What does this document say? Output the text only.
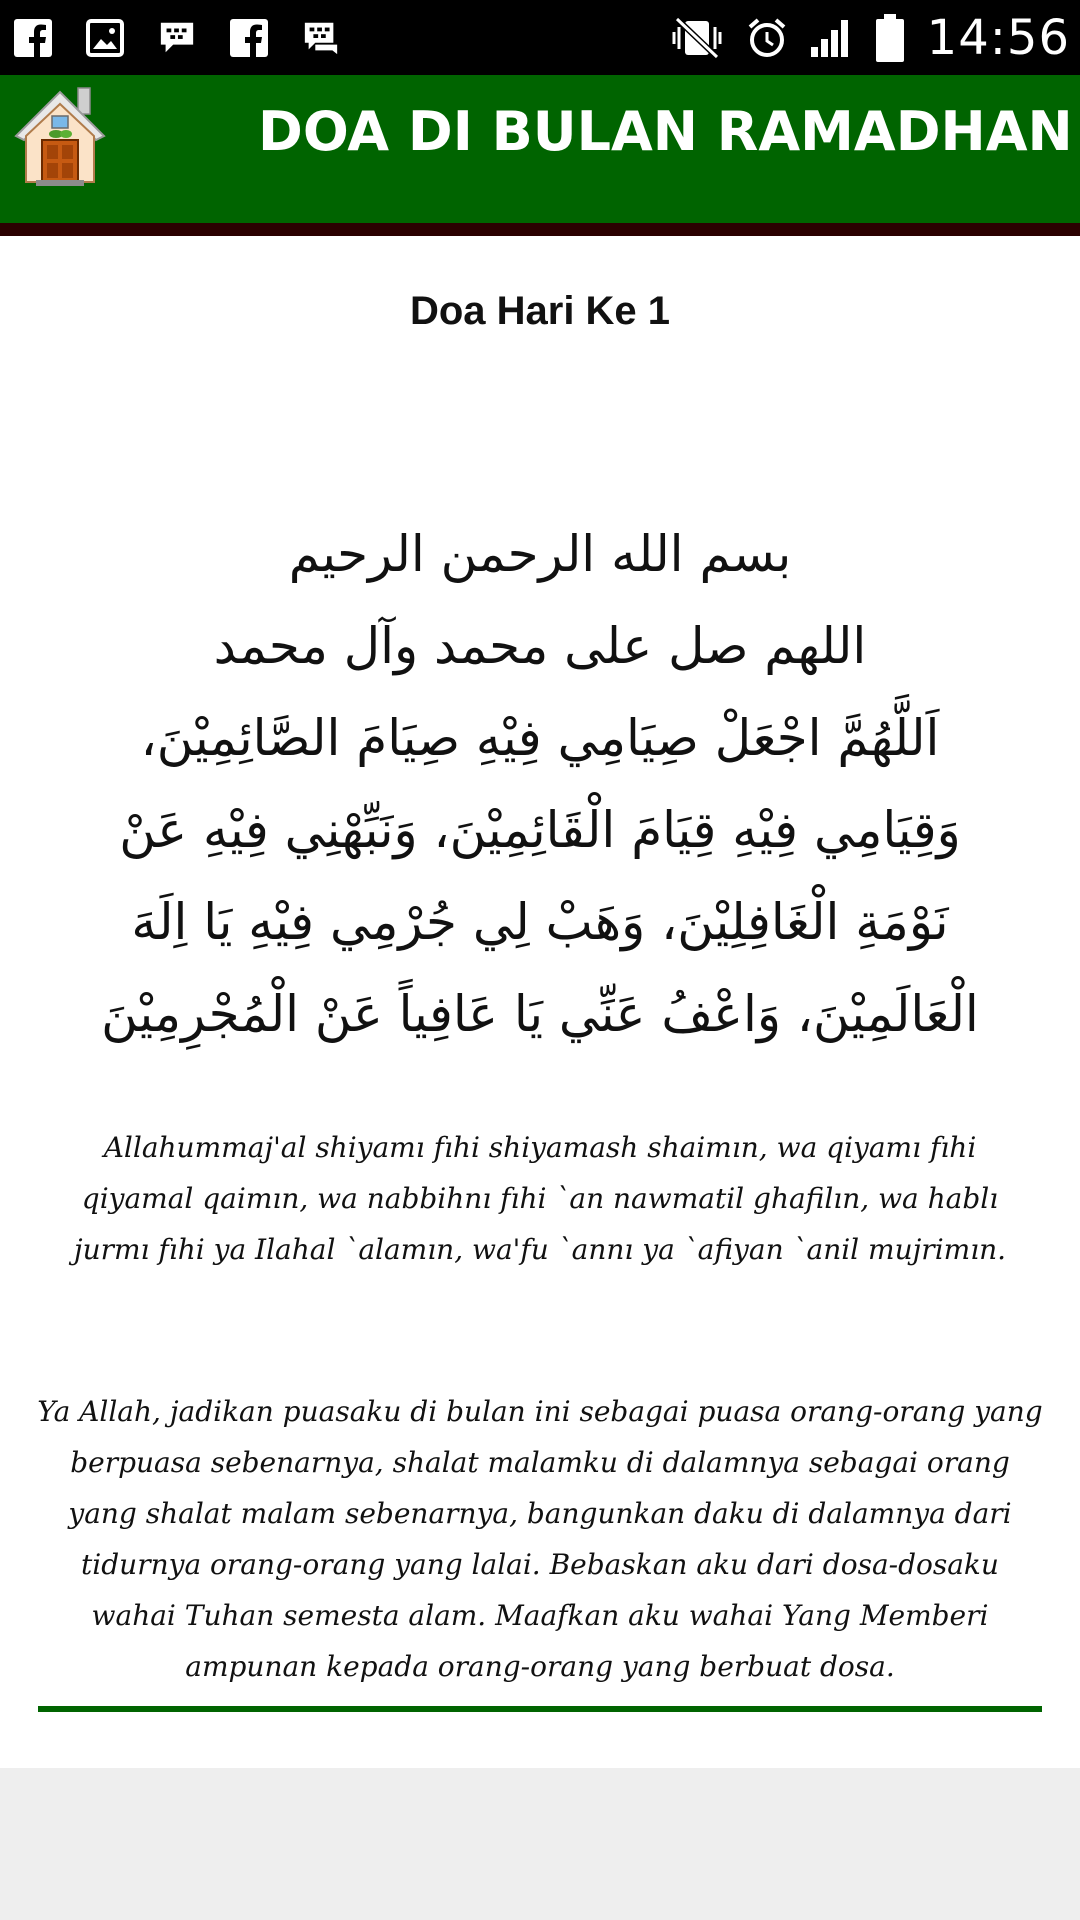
14:56
DOA DI BULAN RAMADHAN
Doa Hari Ke 1
بسم الله الرحمن الرحيم
اللهم صل على محمد وآل محمد
اَللَّهُمَّ اجْعَلْ صِيَامِي فِيْهِ صِيَامَ الصَّائِمِيْنَ،
وَقِيَامِي فِيْهِ قِيَامَ الْقَائِمِيْنَ، وَنَبِّهْنِي فِيْهِ عَنْ
نَوْمَةِ الْغَافِلِيْنَ، وَهَبْ لِي جُرْمِي فِيْهِ يَا اِلَهَ
الْعَالَمِيْنَ، وَاعْفُ عَنِّي يَا عَافِياً عَنْ الْمُجْرِمِيْنَ
Allahummaj'al shiyamı fıhi shiyamash shaimın, wa qiyamı fıhi qiyamal qaimın, wa nabbihnı fıhi `an nawmatil ghafilın, wa hablı jurmı fıhi ya Ilahal `alamın, wa'fu `annı ya `afiyan `anil mujrimın.
Ya Allah, jadikan puasaku di bulan ini sebagai puasa orang-orang yang berpuasa sebenarnya, shalat malamku di dalamnya sebagai orang yang shalat malam sebenarnya, bangunkan daku di dalamnya dari tidurnya orang-orang yang lalai. Bebaskan aku dari dosa-dosaku wahai Tuhan semesta alam. Maafkan aku wahai Yang Memberi ampunan kepada orang-orang yang berbuat dosa.
